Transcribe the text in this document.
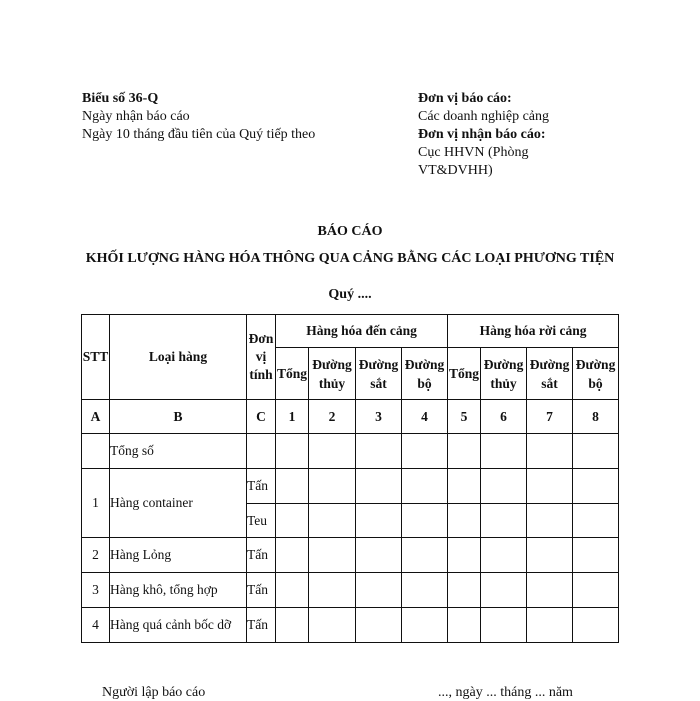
Biểu số 36-Q
Ngày nhận báo cáo
Ngày 10 tháng đầu tiên của Quý tiếp theo
Đơn vị báo cáo:
Các doanh nghiệp cảng
Đơn vị nhận báo cáo:
Cục HHVN (Phòng
VT&DVHH)
BÁO CÁO
KHỐI LƯỢNG HÀNG HÓA THÔNG QUA CẢNG BẰNG CÁC LOẠI PHƯƠNG TIỆN
Quý ....
STT	Loại hàng	Đơn vị tính	Hàng hóa đến cảng				Hàng hóa rời cảng			
			Tổng	Đường thủy	Đường sắt	Đường bộ	Tổng	Đường thủy	Đường sắt	Đường bộ
A	B	C	1	2	3	4	5	6	7	8
	Tổng số									
1	Hàng container	Tấn								
		Teu								
2	Hàng Lỏng	Tấn								
3	Hàng khô, tổng hợp	Tấn								
4	Hàng quá cảnh bốc dỡ	Tấn								
Người lập báo cáo	..., ngày ... tháng ... năm
